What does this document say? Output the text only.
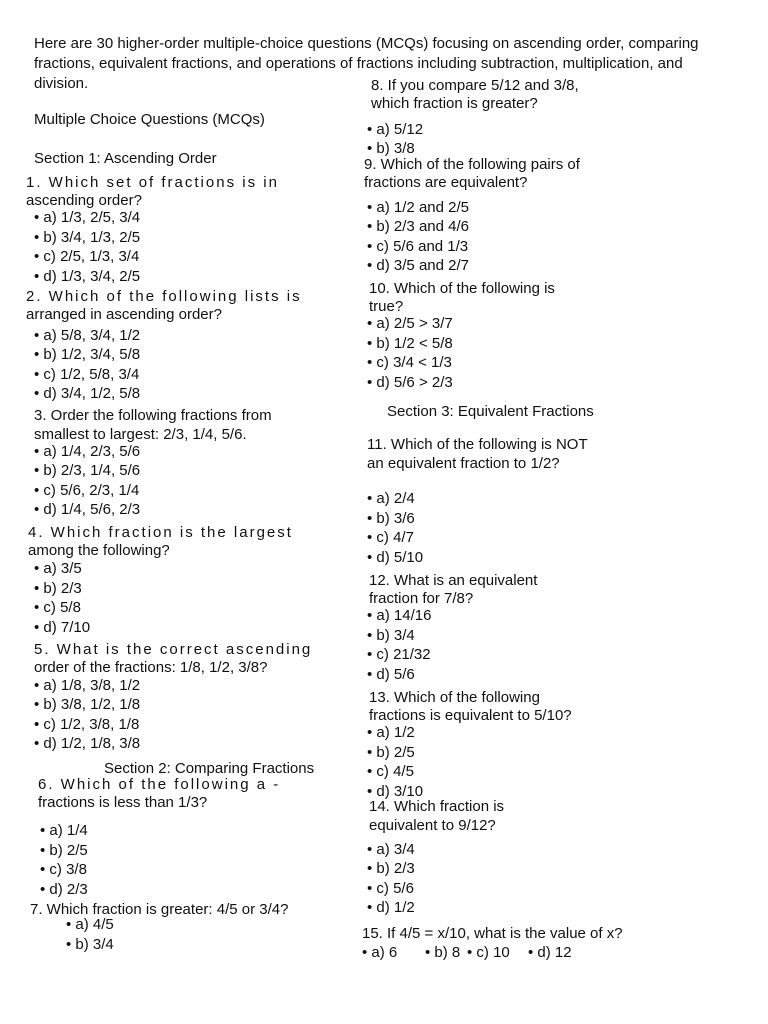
Here are 30 higher-order multiple-choice questions (MCQs) focusing on ascending order, comparing fractions, equivalent fractions, and operations of fractions including subtraction, multiplication, and division.
Multiple Choice Questions (MCQs)
Section 1: Ascending Order
1. Which set of fractions is in
ascending order?
• a) 1/3, 2/5, 3/4
• b) 3/4, 1/3, 2/5
• c) 2/5, 1/3, 3/4
• d) 1/3, 3/4, 2/5
2. Which of the following lists is
arranged in ascending order?
• a) 5/8, 3/4, 1/2
• b) 1/2, 3/4, 5/8
• c) 1/2, 5/8, 3/4
• d) 3/4, 1/2, 5/8
3. Order the following fractions from
smallest to largest: 2/3, 1/4, 5/6.
• a) 1/4, 2/3, 5/6
• b) 2/3, 1/4, 5/6
• c) 5/6, 2/3, 1/4
• d) 1/4, 5/6, 2/3
4. Which fraction is the largest
among the following?
• a) 3/5
• b) 2/3
• c) 5/8
• d) 7/10
5. What is the correct ascending
order of the fractions: 1/8, 1/2, 3/8?
• a) 1/8, 3/8, 1/2
• b) 3/8, 1/2, 1/8
• c) 1/2, 3/8, 1/8
• d) 1/2, 1/8, 3/8
Section 2: Comparing Fractions
6. Which of the following a -
fractions is less than 1/3?
• a) 1/4
• b) 2/5
• c) 3/8
• d) 2/3
7. Which fraction is greater: 4/5 or 3/4?
• a) 4/5
• b) 3/4
8. If you compare 5/12 and 3/8,
which fraction is greater?
• a) 5/12
• b) 3/8
9. Which of the following pairs of
fractions are equivalent?
• a) 1/2 and 2/5
• b) 2/3 and 4/6
• c) 5/6 and 1/3
• d) 3/5 and 2/7
10. Which of the following is
true?
• a) 2/5 > 3/7
• b) 1/2 < 5/8
• c) 3/4 < 1/3
• d) 5/6 > 2/3
Section 3: Equivalent Fractions
11. Which of the following is NOT
an equivalent fraction to 1/2?
• a) 2/4
• b) 3/6
• c) 4/7
• d) 5/10
12. What is an equivalent
fraction for 7/8?
• a) 14/16
• b) 3/4
• c) 21/32
• d) 5/6
13. Which of the following
fractions is equivalent to 5/10?
• a) 1/2
• b) 2/5
• c) 4/5
• d) 3/10
14. Which fraction is
equivalent to 9/12?
• a) 3/4
• b) 2/3
• c) 5/6
• d) 1/2
15. If 4/5 = x/10, what is the value of x?
• a) 6 • b) 8 • c) 10 • d) 12
